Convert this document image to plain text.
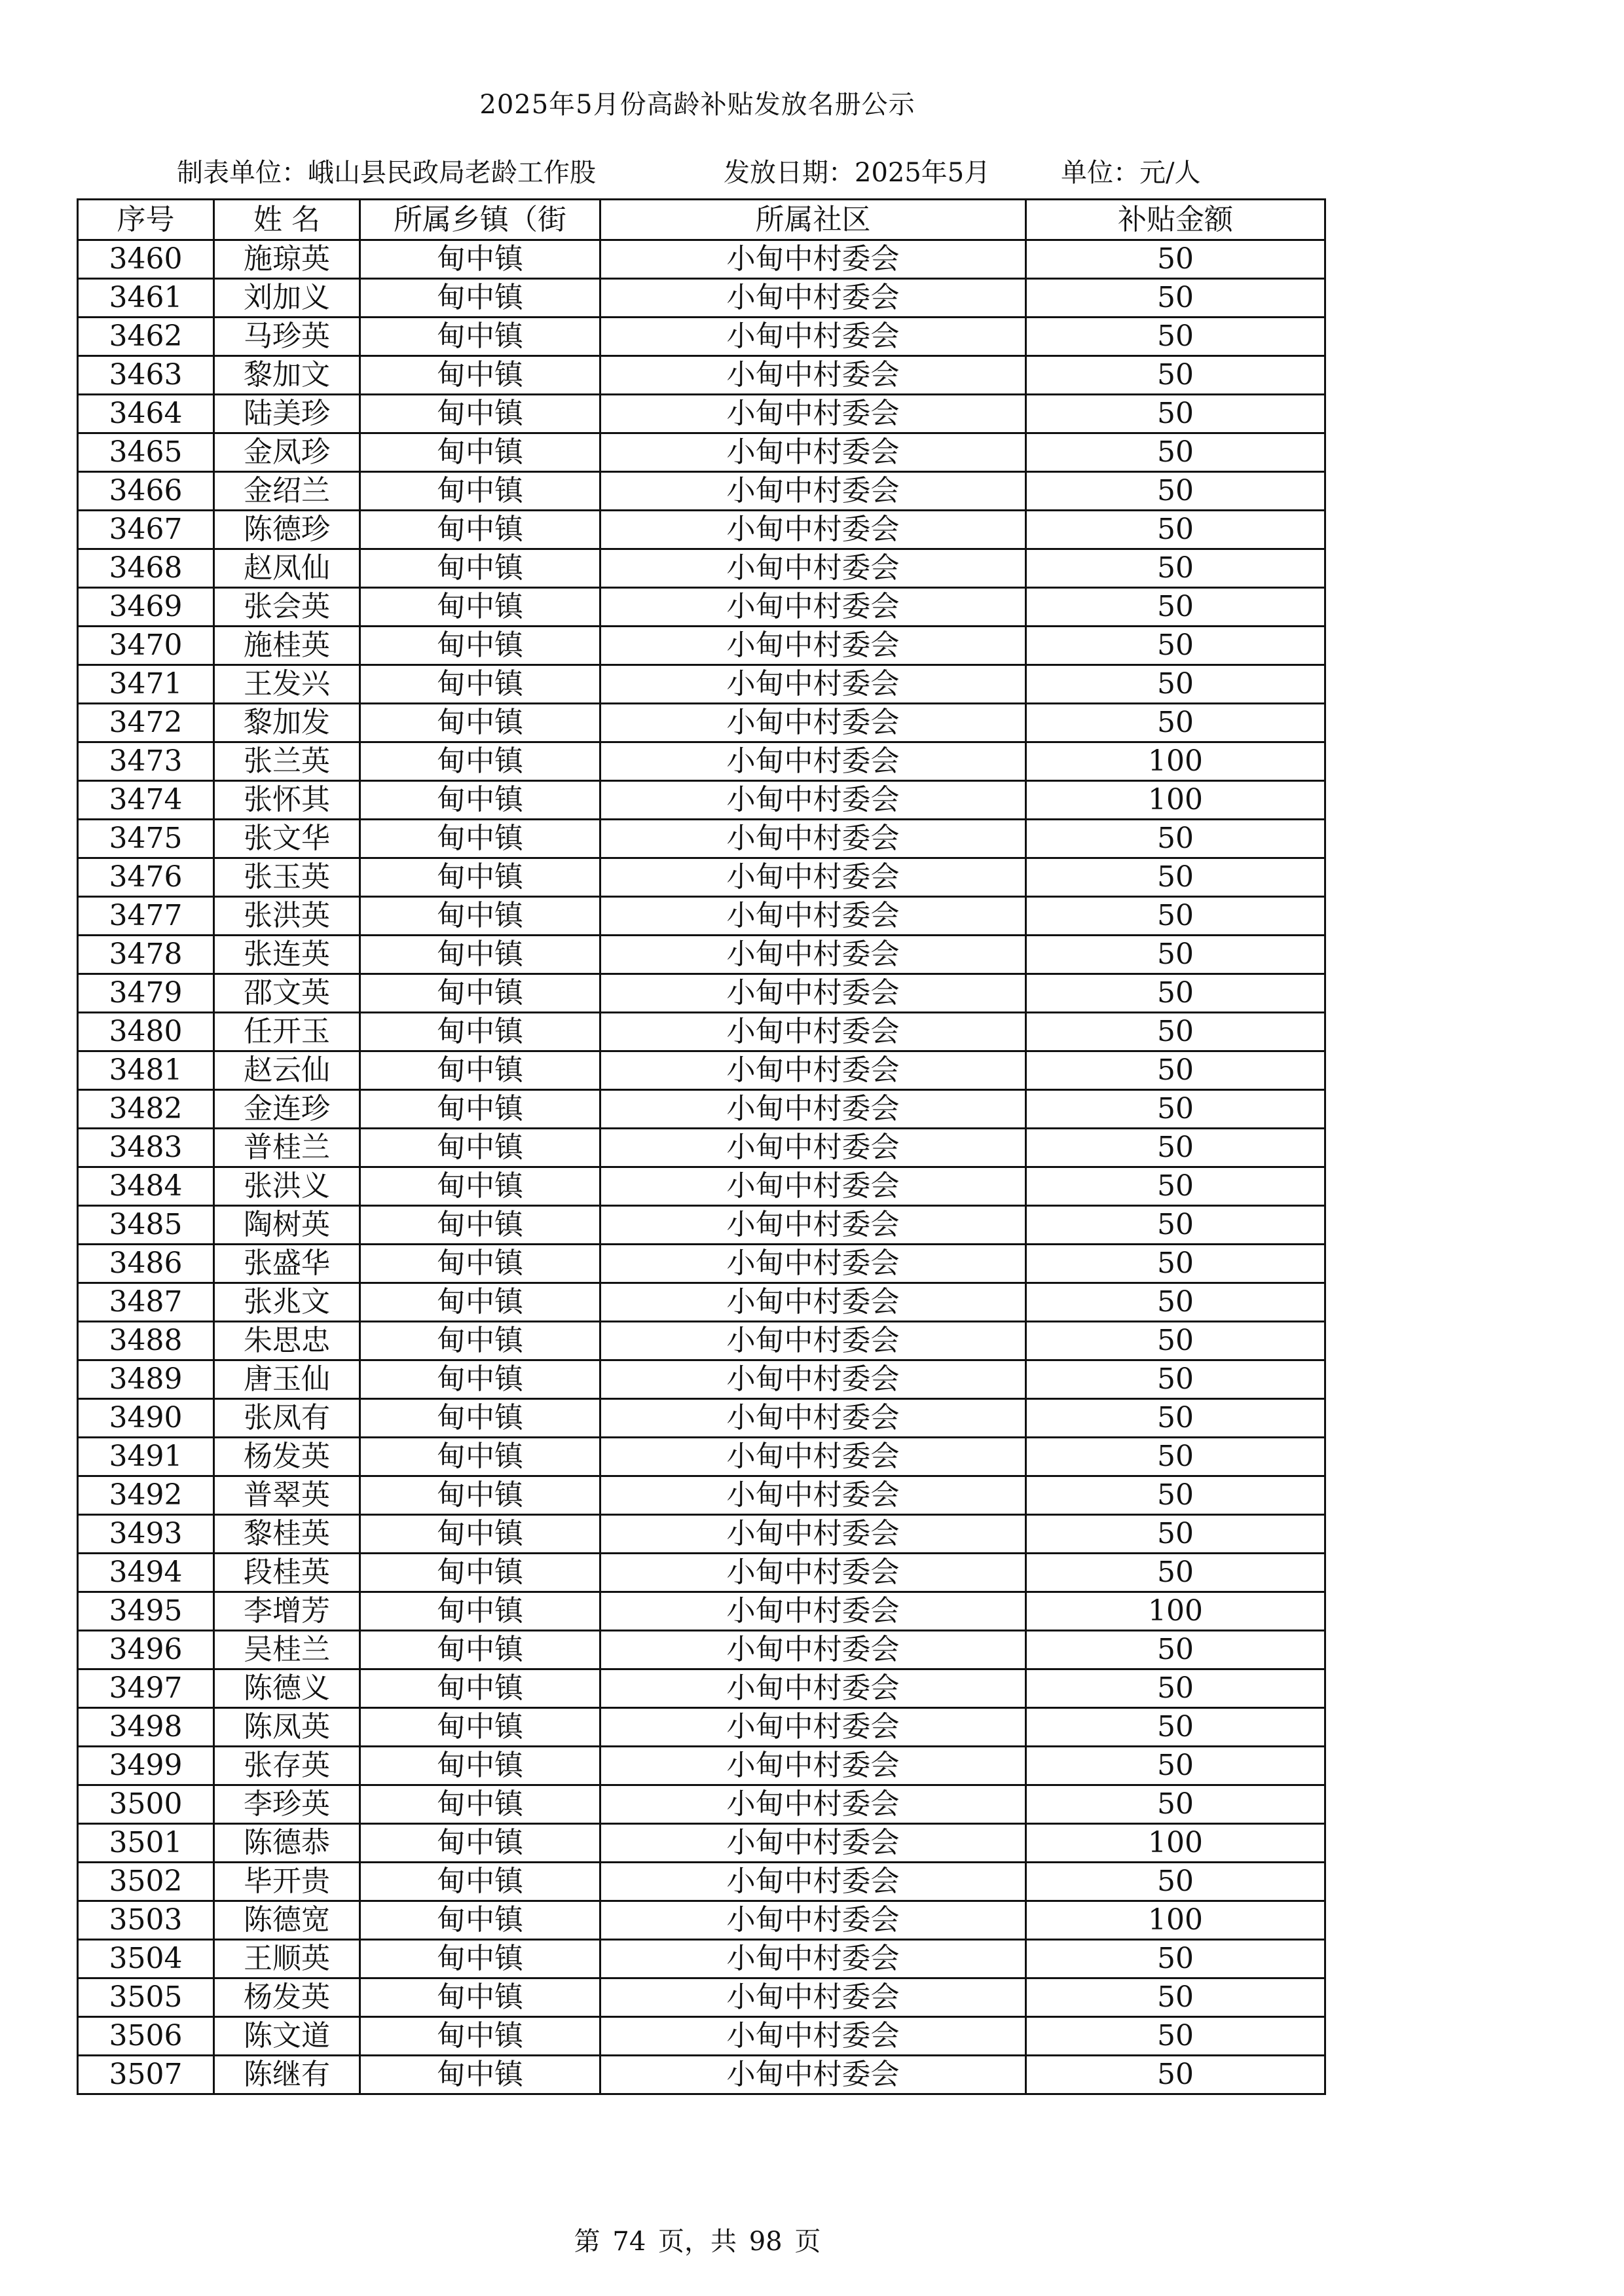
2025年5月份高龄补贴发放名册公示
制表单位：峨山县民政局老龄工作股	发放日期：2025年5月	单位：元/人
序号	姓 名	所属乡镇（街	所属社区	补贴金额
3460	施琼英	甸中镇	小甸中村委会	50
3461	刘加义	甸中镇	小甸中村委会	50
3462	马珍英	甸中镇	小甸中村委会	50
3463	黎加文	甸中镇	小甸中村委会	50
3464	陆美珍	甸中镇	小甸中村委会	50
3465	金凤珍	甸中镇	小甸中村委会	50
3466	金绍兰	甸中镇	小甸中村委会	50
3467	陈德珍	甸中镇	小甸中村委会	50
3468	赵凤仙	甸中镇	小甸中村委会	50
3469	张会英	甸中镇	小甸中村委会	50
3470	施桂英	甸中镇	小甸中村委会	50
3471	王发兴	甸中镇	小甸中村委会	50
3472	黎加发	甸中镇	小甸中村委会	50
3473	张兰英	甸中镇	小甸中村委会	100
3474	张怀其	甸中镇	小甸中村委会	100
3475	张文华	甸中镇	小甸中村委会	50
3476	张玉英	甸中镇	小甸中村委会	50
3477	张洪英	甸中镇	小甸中村委会	50
3478	张连英	甸中镇	小甸中村委会	50
3479	邵文英	甸中镇	小甸中村委会	50
3480	任开玉	甸中镇	小甸中村委会	50
3481	赵云仙	甸中镇	小甸中村委会	50
3482	金连珍	甸中镇	小甸中村委会	50
3483	普桂兰	甸中镇	小甸中村委会	50
3484	张洪义	甸中镇	小甸中村委会	50
3485	陶树英	甸中镇	小甸中村委会	50
3486	张盛华	甸中镇	小甸中村委会	50
3487	张兆文	甸中镇	小甸中村委会	50
3488	朱思忠	甸中镇	小甸中村委会	50
3489	唐玉仙	甸中镇	小甸中村委会	50
3490	张凤有	甸中镇	小甸中村委会	50
3491	杨发英	甸中镇	小甸中村委会	50
3492	普翠英	甸中镇	小甸中村委会	50
3493	黎桂英	甸中镇	小甸中村委会	50
3494	段桂英	甸中镇	小甸中村委会	50
3495	李增芳	甸中镇	小甸中村委会	100
3496	吴桂兰	甸中镇	小甸中村委会	50
3497	陈德义	甸中镇	小甸中村委会	50
3498	陈凤英	甸中镇	小甸中村委会	50
3499	张存英	甸中镇	小甸中村委会	50
3500	李珍英	甸中镇	小甸中村委会	50
3501	陈德恭	甸中镇	小甸中村委会	100
3502	毕开贵	甸中镇	小甸中村委会	50
3503	陈德宽	甸中镇	小甸中村委会	100
3504	王顺英	甸中镇	小甸中村委会	50
3505	杨发英	甸中镇	小甸中村委会	50
3506	陈文道	甸中镇	小甸中村委会	50
3507	陈继有	甸中镇	小甸中村委会	50
第 74 页，共 98 页
